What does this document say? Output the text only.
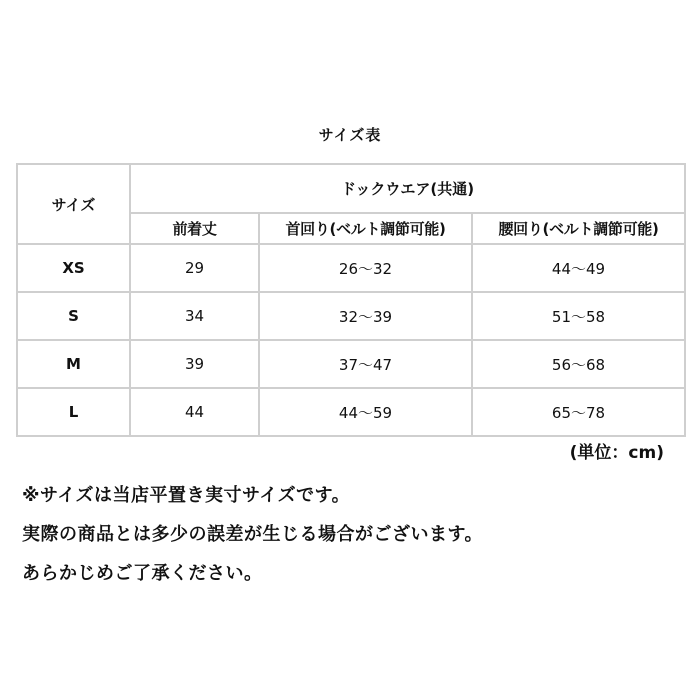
サイズ表
サイズ	ドックウエア(共通)		
	前着丈	首回り(ベルト調節可能)	腰回り(ベルト調節可能)
XS	29	26～32	44～49
S	34	32～39	51～58
M	39	37～47	56～68
L	44	44～59	65～78
(単位：cm)
※サイズは当店平置き実寸サイズです。
実際の商品とは多少の誤差が生じる場合がございます。
あらかじめご了承ください。
